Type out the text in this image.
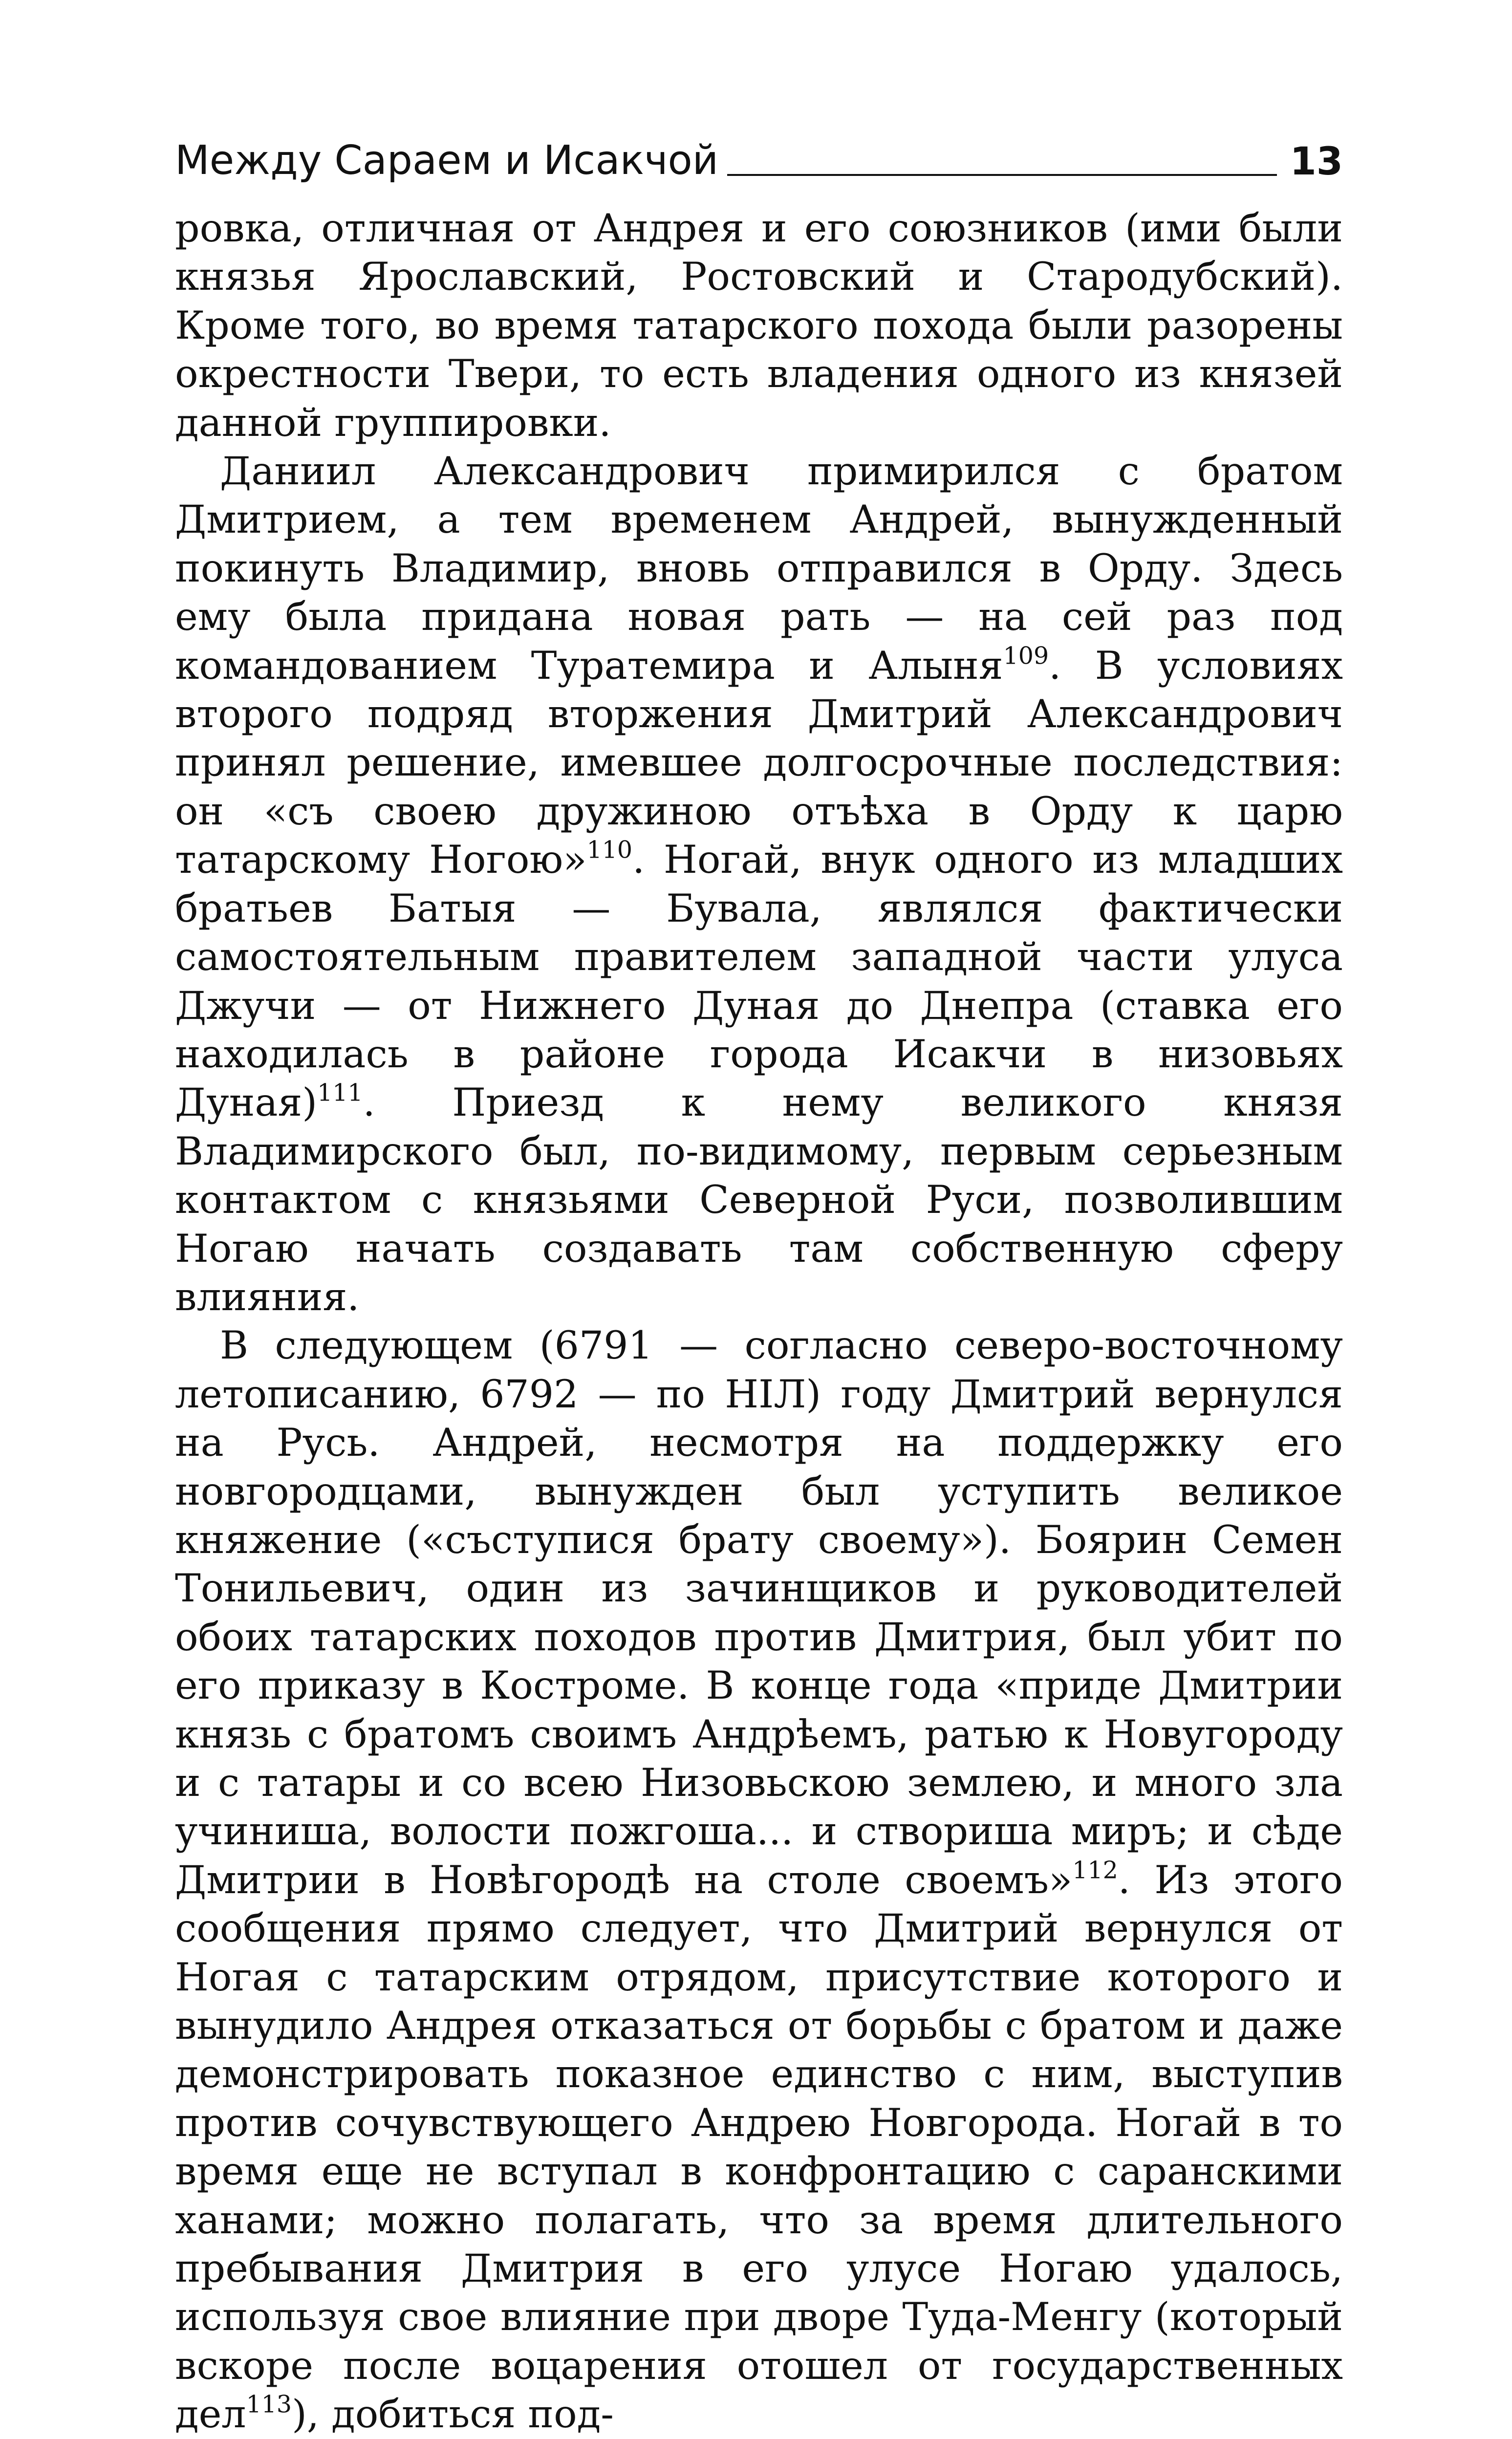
Между Сараем и Исакчой	13

ровка, отличная от Андрея и его союзников (ими были князья Ярославский, Ростовский и Стародубский). Кроме того, во время татарского похода были разорены окрестности Твери, то есть владения одного из князей данной группировки.

Даниил Александрович примирился с братом Дмитрием, а тем временем Андрей, вынужденный покинуть Владимир, вновь отправился в Орду. Здесь ему была придана новая рать — на сей раз под командованием Туратемира и Алыня$^{109}$. В условиях второго подряд вторжения Дмитрий Александрович принял решение, имевшее долгосрочные последствия: он «съ своею дружиною отъѣха в Орду к царю татарскому Ногою»$^{110}$. Ногай, внук одного из младших братьев Батыя — Бувала, являлся фактически самостоятельным правителем западной части улуса Джучи — от Нижнего Дуная до Днепра (ставка его находилась в районе города Исакчи в низовьях Дуная)$^{111}$. Приезд к нему великого князя Владимирского был, по-видимому, первым серьезным контактом с князьями Северной Руси, позволившим Ногаю начать создавать там собственную сферу влияния.

В следующем (6791 — согласно северо-восточному летописанию, 6792 — по НІЛ) году Дмитрий вернулся на Русь. Андрей, несмотря на поддержку его новгородцами, вынужден был уступить великое княжение («съступися брату своему»). Боярин Семен Тонильевич, один из зачинщиков и руководителей обоих татарских походов против Дмитрия, был убит по его приказу в Костроме. В конце года «приде Дмитрии князь с братомъ своимъ Андрѣемъ, ратью к Новугороду и с татары и со всею Низовьскою землею, и много зла учиниша, волости пожгоша... и створиша миръ; и сѣде Дмитрии в Новѣгородѣ на столе своемъ»$^{112}$. Из этого сообщения прямо следует, что Дмитрий вернулся от Ногая с татарским отрядом, присутствие которого и вынудило Андрея отказаться от борьбы с братом и даже демонстрировать показное единство с ним, выступив против сочувствующего Андрею Новгорода. Ногай в то время еще не вступал в конфронтацию с саранскими ханами; можно полагать, что за время длительного пребывания Дмитрия в его улусе Ногаю удалось, используя свое влияние при дворе Туда-Менгу (который вскоре после воцарения отошел от государственных дел$^{113}$), добиться под-
